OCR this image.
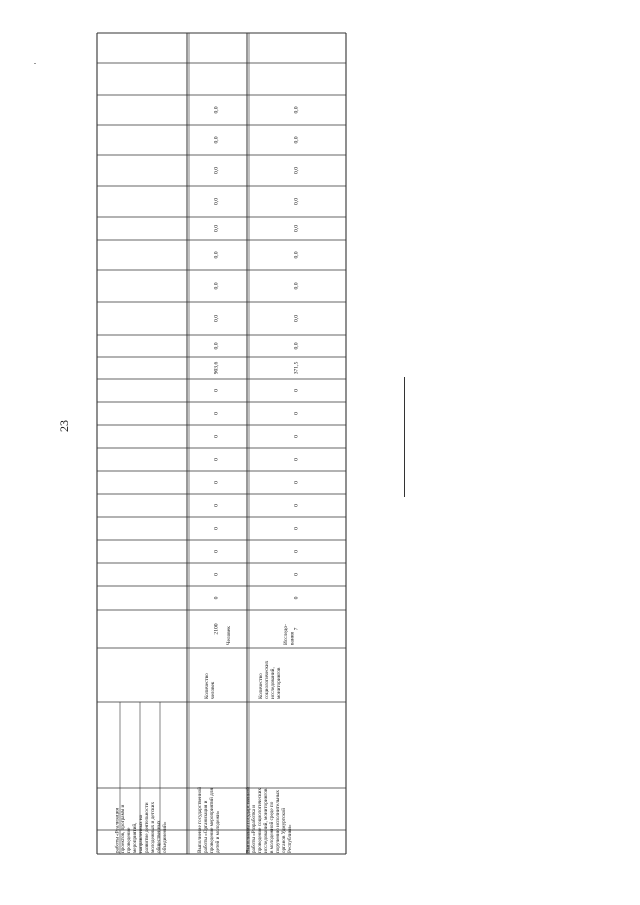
23
работы «Реализация проектов, программ и проведение мероприятий, направленных на развитие деятельности молодежных и детских общественных объединений»	Выполнение государственной работы «Организация и проведение мероприятий для детей и молодежи»
Количество человек
Человек
2100
0
0
0
0
0
0
0
0
0
0
903,6
0,0
0,0
0,0
0,0
0,0
0,0
0,0
0,0
0,0
Выполнение государственной работы «Разработка и проведение социологических исследований, мониторингов в молодежной среде по поручению исполнительных органов Удмуртской Республики»
Количество социологических исследований, мониторингов
Исследо- вания
7
0
0
0
0
0
0
0
0
0
0
371,5
0,0
0,0
0,0
0,0
0,0
0,0
0,0
0,0
0,0
